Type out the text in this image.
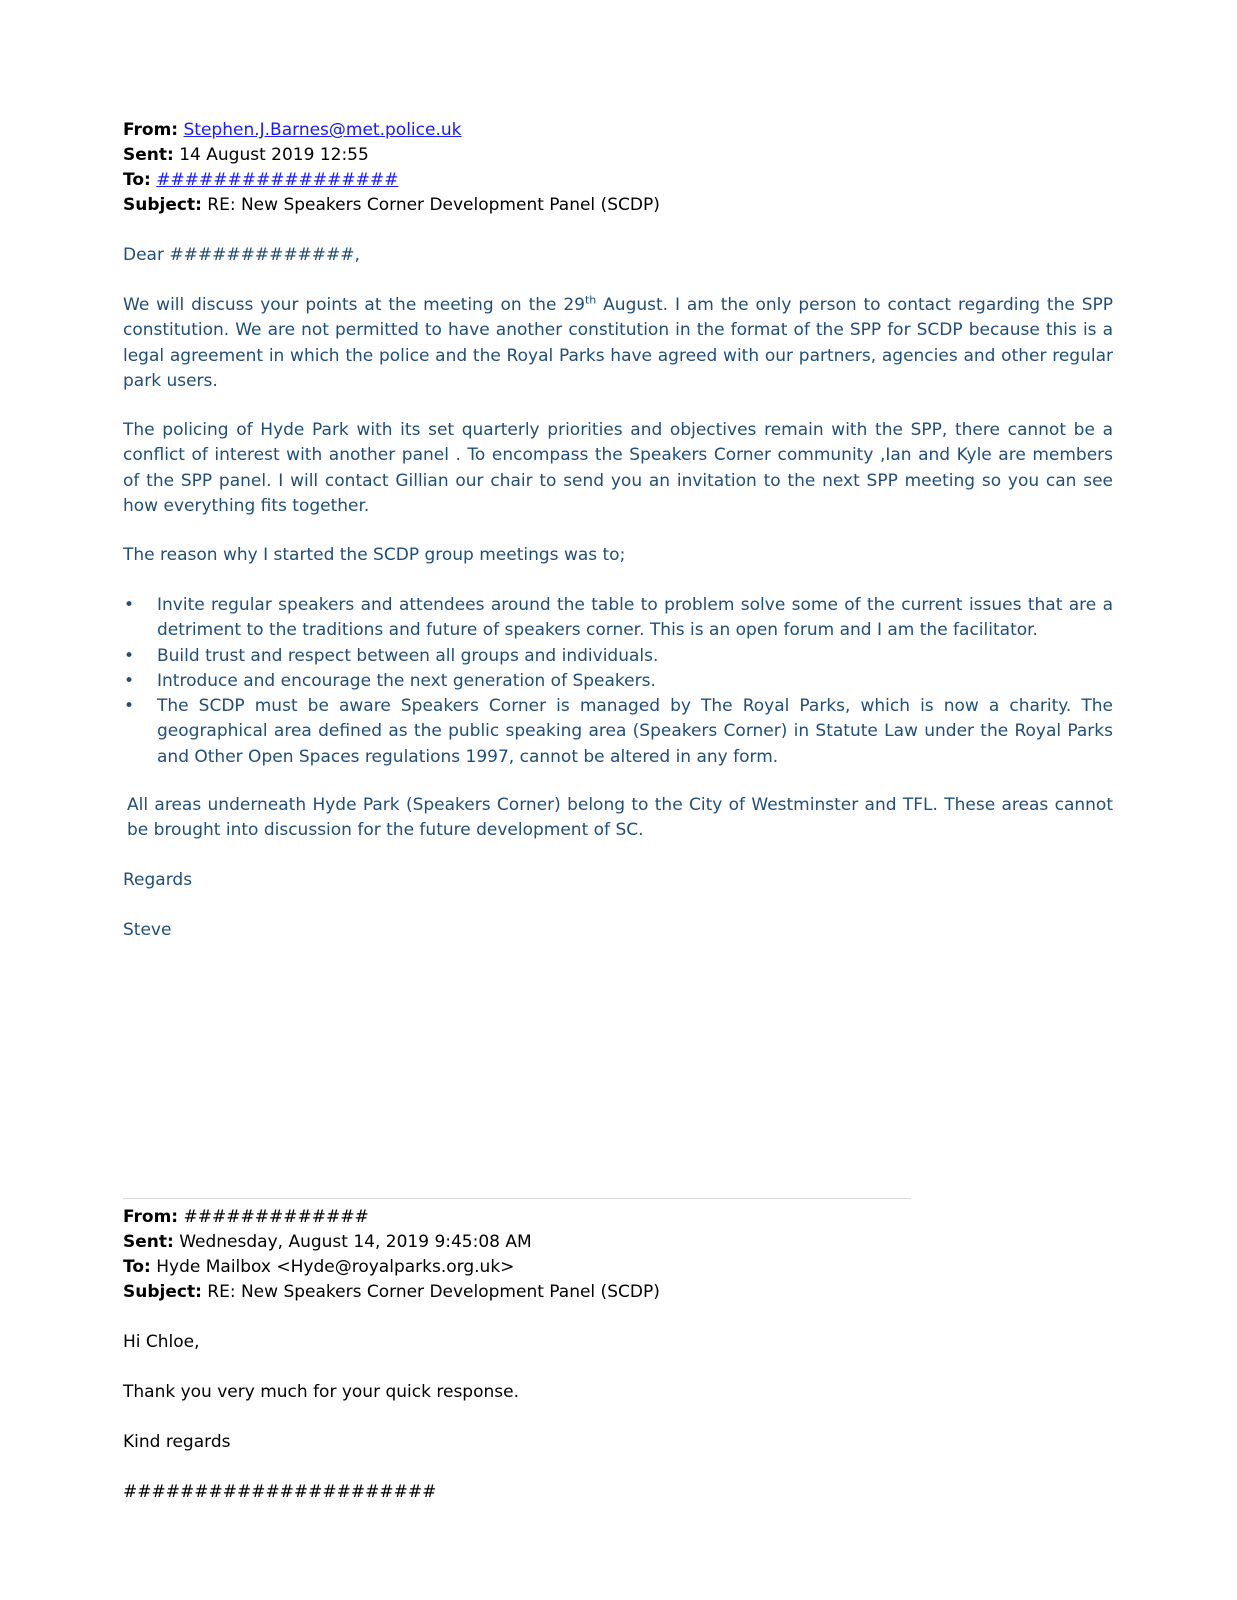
From: Stephen.J.Barnes@met.police.uk
Sent: 14 August 2019 12:55
To: #################
Subject: RE: New Speakers Corner Development Panel (SCDP)
Dear #############,
We will discuss your points at the meeting on the 29th August. I am the only person to contact regarding the SPP constitution. We are not permitted to have another constitution in the format of the SPP for SCDP because this is a legal agreement in which the police and the Royal Parks have agreed with our partners, agencies and other regular park users.
The policing of Hyde Park with its set quarterly priorities and objectives remain with the SPP, there cannot be a conflict of interest with another panel . To encompass the Speakers Corner community ,Ian and Kyle are members of the SPP panel. I will contact Gillian our chair to send you an invitation to the next SPP meeting so you can see how everything fits together.
The reason why I started the SCDP group meetings was to;
• Invite regular speakers and attendees around the table to problem solve some of the current issues that are a detriment to the traditions and future of speakers corner. This is an open forum and I am the facilitator.
• Build trust and respect between all groups and individuals.
• Introduce and encourage the next generation of Speakers.
• The SCDP must be aware Speakers Corner is managed by The Royal Parks, which is now a charity. The geographical area defined as the public speaking area (Speakers Corner) in Statute Law under the Royal Parks and Other Open Spaces regulations 1997, cannot be altered in any form.
All areas underneath Hyde Park (Speakers Corner) belong to the City of Westminster and TFL. These areas cannot be brought into discussion for the future development of SC.
Regards
Steve
From: #############
Sent: Wednesday, August 14, 2019 9:45:08 AM
To: Hyde Mailbox <Hyde@royalparks.org.uk>
Subject: RE: New Speakers Corner Development Panel (SCDP)
Hi Chloe,
Thank you very much for your quick response.
Kind regards
######################
